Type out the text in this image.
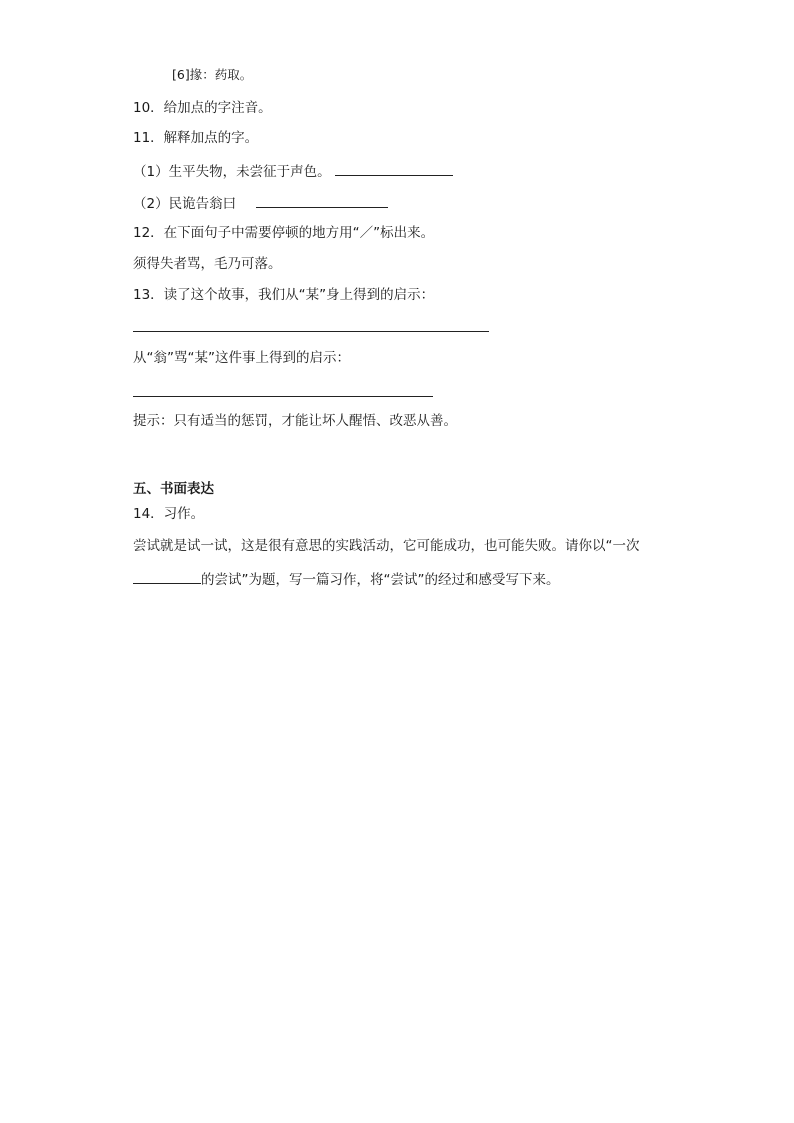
[6]掾：药取。
10．给加点的字注音。
11．解释加点的字。
（1）生平失物，未尝征于声色。
（2）民诡告翁曰
12．在下面句子中需要停顿的地方用“／”标出来。
须得失者骂，毛乃可落。
13．读了这个故事，我们从“某”身上得到的启示：
从“翁”骂“某”这件事上得到的启示：
提示：只有适当的惩罚，才能让坏人醒悟、改恶从善。
五、书面表达
14．习作。
尝试就是试一试，这是很有意思的实践活动，它可能成功，也可能失败。请你以“一次
的尝试”为题，写一篇习作，将“尝试”的经过和感受写下来。
